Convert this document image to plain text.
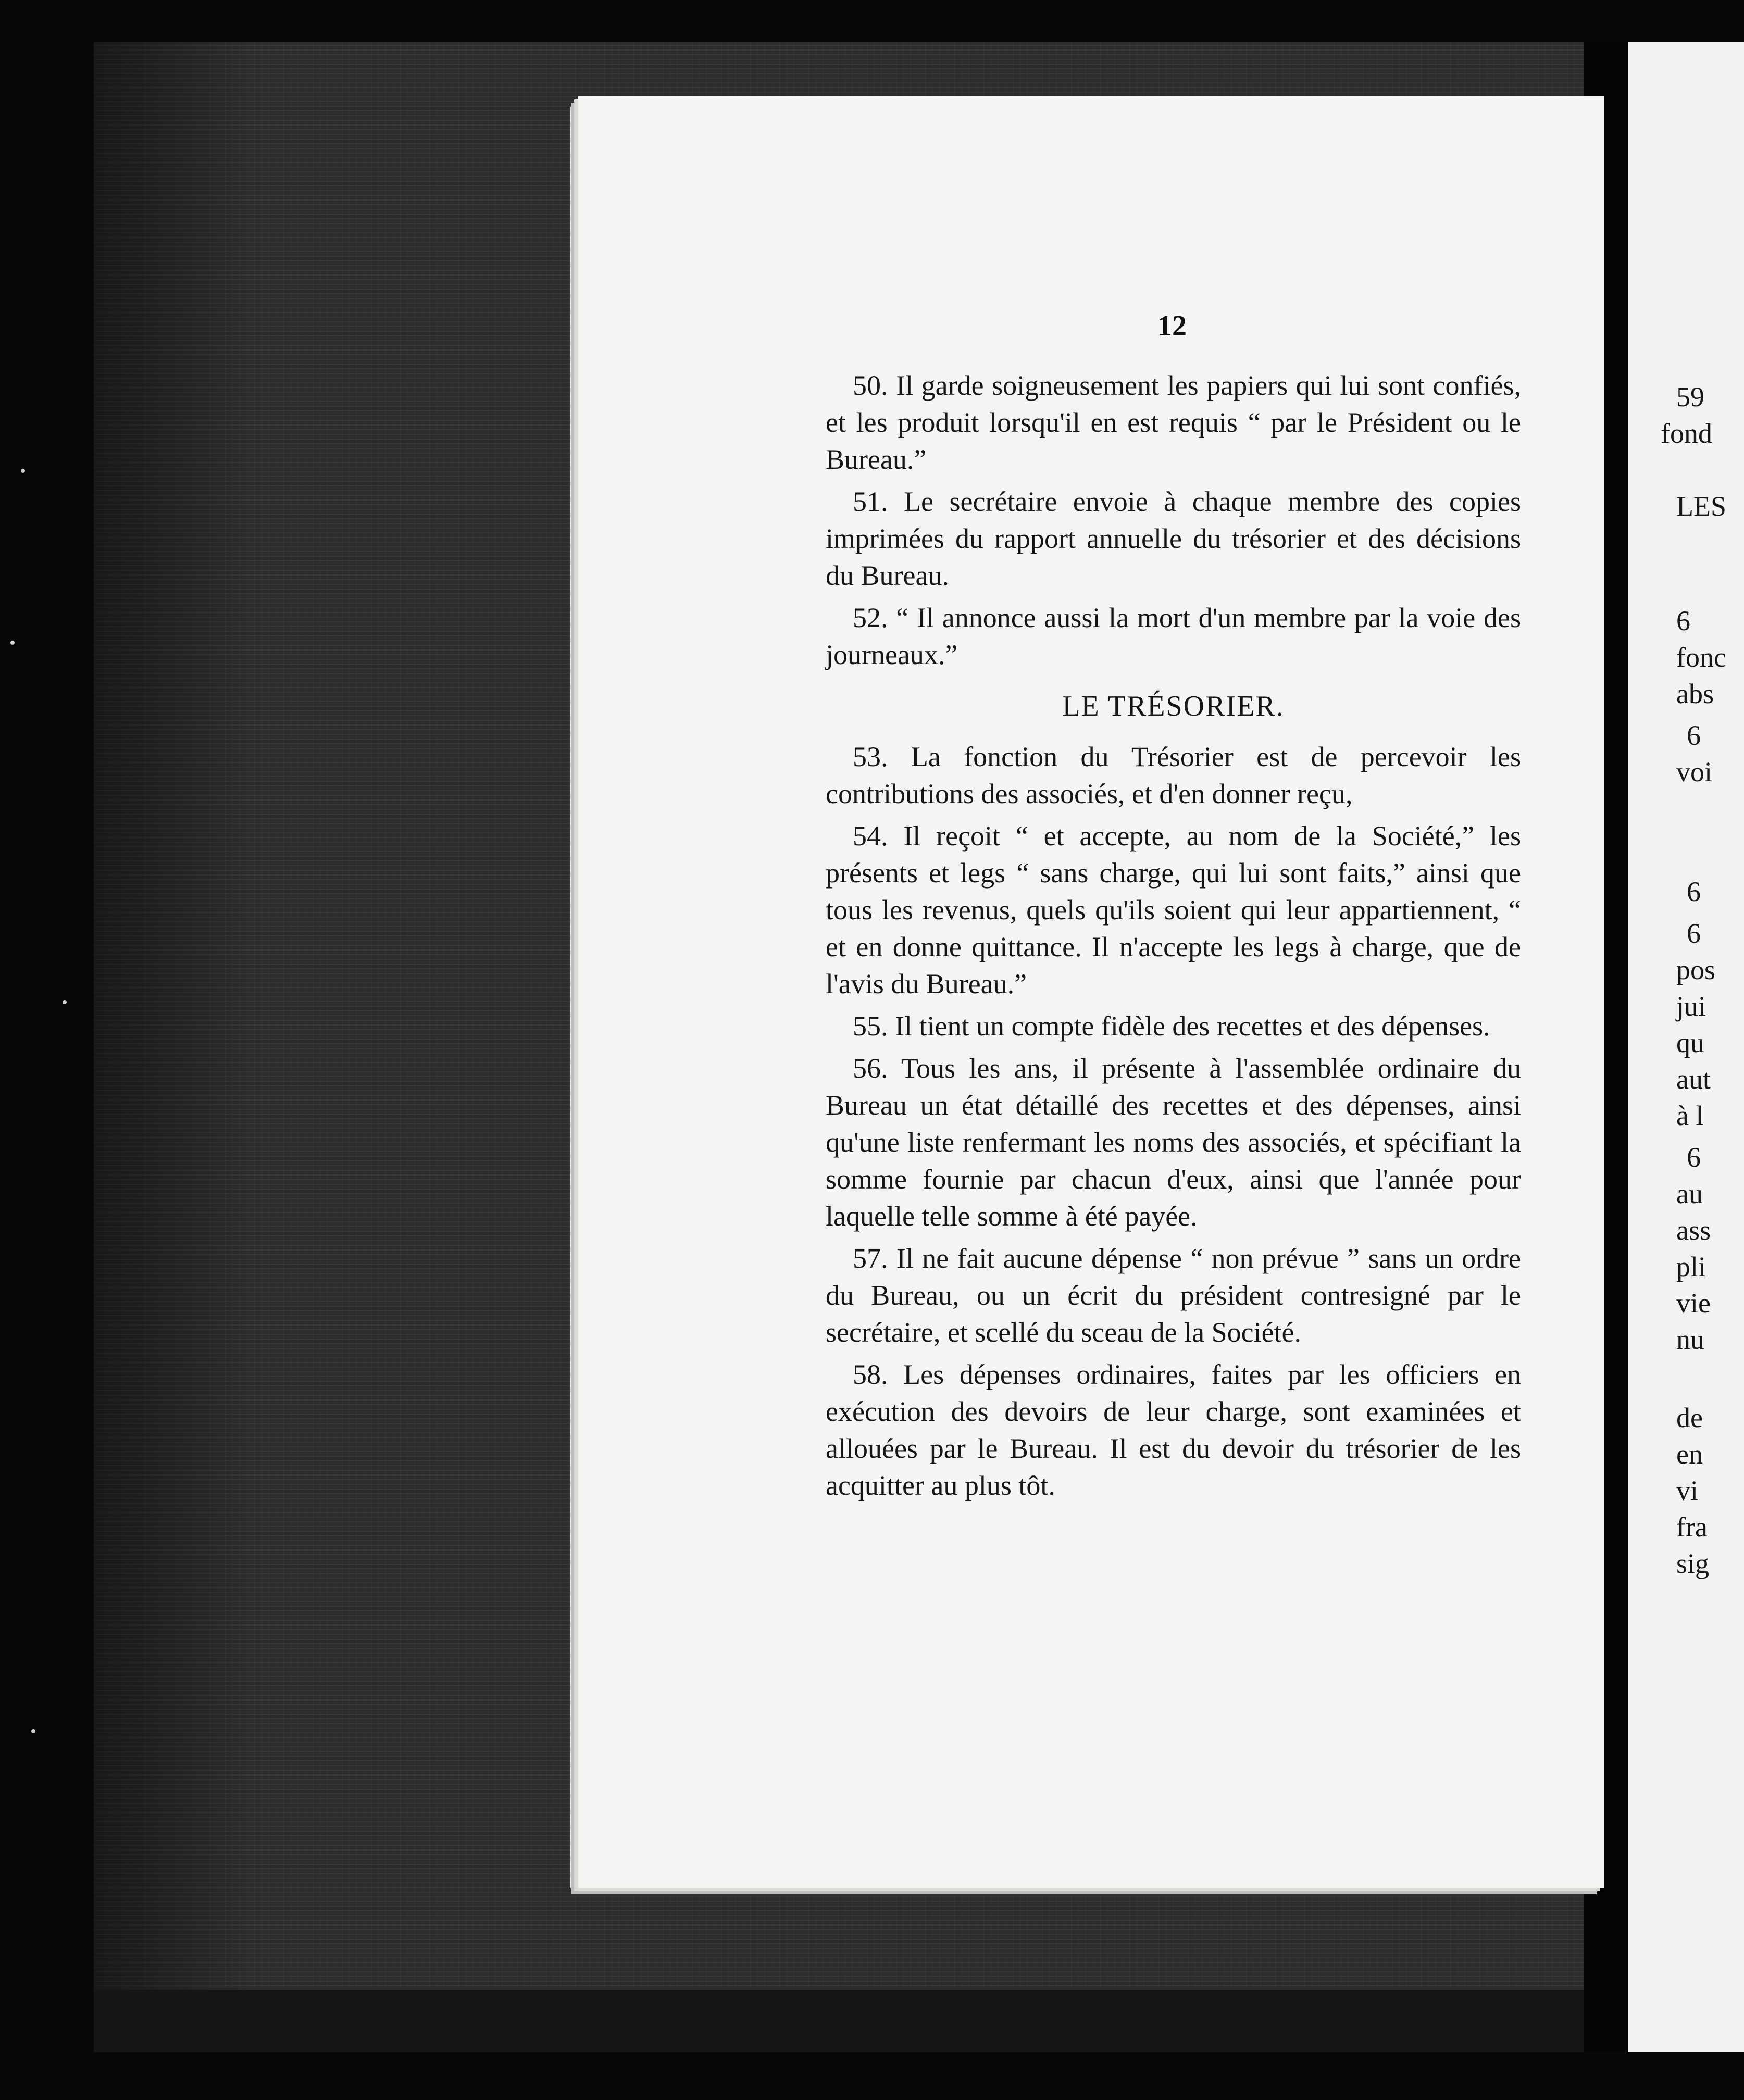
59
fond
LES
6
fonc
abs
6
voi
6
6
pos
jui
qu
aut
à l
6
au
ass
pli
vie
nu
de
en
vi
fra
sig
12

50. Il garde soigneusement les papiers qui lui sont confiés, et les produit lorsqu'il en est requis “ par le Président ou le Bureau.”

51. Le secrétaire envoie à chaque membre des copies imprimées du rapport annuelle du trésorier et des décisions du Bureau.

52. “ Il annonce aussi la mort d'un membre par la voie des journeaux.”

LE TRÉSORIER.

53. La fonction du Trésorier est de percevoir les contributions des associés, et d'en donner reçu,

54. Il reçoit “ et accepte, au nom de la Société,” les présents et legs “ sans charge, qui lui sont faits,” ainsi que tous les revenus, quels qu'ils soient qui leur appartiennent, “ et en donne quittance. Il n'accepte les legs à charge, que de l'avis du Bureau.”

55. Il tient un compte fidèle des recettes et des dépenses.

56. Tous les ans, il présente à l'assemblée ordinaire du Bureau un état détaillé des recettes et des dépenses, ainsi qu'une liste renfermant les noms des associés, et spécifiant la somme fournie par chacun d'eux, ainsi que l'année pour laquelle telle somme à été payée.

57. Il ne fait aucune dépense “ non prévue ” sans un ordre du Bureau, ou un écrit du président contresigné par le secrétaire, et scellé du sceau de la Société.

58. Les dépenses ordinaires, faites par les officiers en exécution des devoirs de leur charge, sont examinées et allouées par le Bureau. Il est du devoir du trésorier de les acquitter au plus tôt.
